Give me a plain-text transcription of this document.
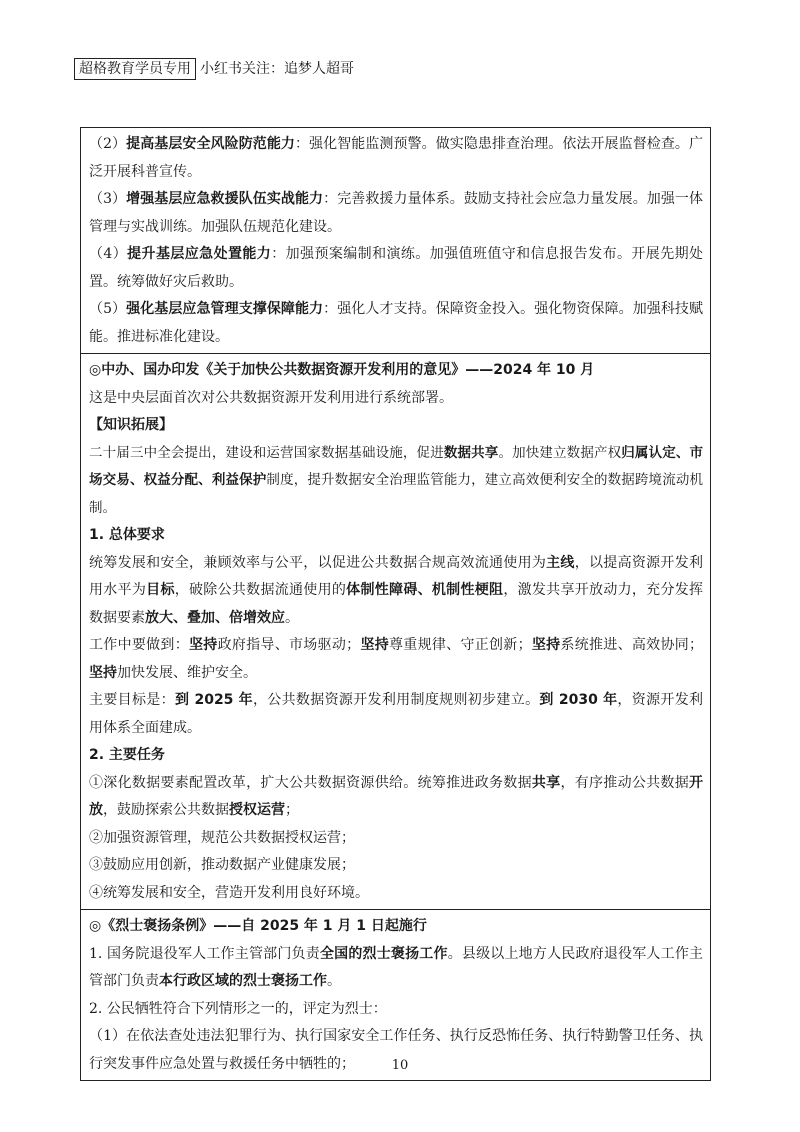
超格教育学员专用 小红书关注：追梦人超哥

（2）提高基层安全风险防范能力：强化智能监测预警。做实隐患排查治理。依法开展监督检查。广泛开展科普宣传。

（3）增强基层应急救援队伍实战能力：完善救援力量体系。鼓励支持社会应急力量发展。加强一体管理与实战训练。加强队伍规范化建设。

（4）提升基层应急处置能力：加强预案编制和演练。加强值班值守和信息报告发布。开展先期处置。统筹做好灾后救助。

（5）强化基层应急管理支撑保障能力：强化人才支持。保障资金投入。强化物资保障。加强科技赋能。推进标准化建设。

◎中办、国办印发《关于加快公共数据资源开发利用的意见》——2024 年 10 月

这是中央层面首次对公共数据资源开发利用进行系统部署。

【知识拓展】

二十届三中全会提出，建设和运营国家数据基础设施，促进数据共享。加快建立数据产权归属认定、市场交易、权益分配、利益保护制度，提升数据安全治理监管能力，建立高效便利安全的数据跨境流动机制。

1. 总体要求

统筹发展和安全，兼顾效率与公平，以促进公共数据合规高效流通使用为主线，以提高资源开发利用水平为目标，破除公共数据流通使用的体制性障碍、机制性梗阻，激发共享开放动力，充分发挥数据要素放大、叠加、倍增效应。

工作中要做到：坚持政府指导、市场驱动；坚持尊重规律、守正创新；坚持系统推进、高效协同；坚持加快发展、维护安全。

主要目标是：到 2025 年，公共数据资源开发利用制度规则初步建立。到 2030 年，资源开发利用体系全面建成。

2. 主要任务

①深化数据要素配置改革，扩大公共数据资源供给。统筹推进政务数据共享，有序推动公共数据开放，鼓励探索公共数据授权运营；

②加强资源管理，规范公共数据授权运营；

③鼓励应用创新，推动数据产业健康发展；

④统筹发展和安全，营造开发利用良好环境。

◎《烈士褒扬条例》——自 2025 年 1 月 1 日起施行

1. 国务院退役军人工作主管部门负责全国的烈士褒扬工作。县级以上地方人民政府退役军人工作主管部门负责本行政区域的烈士褒扬工作。

2. 公民牺牲符合下列情形之一的，评定为烈士：

（1）在依法查处违法犯罪行为、执行国家安全工作任务、执行反恐怖任务、执行特勤警卫任务、执行突发事件应急处置与救援任务中牺牲的；	10
